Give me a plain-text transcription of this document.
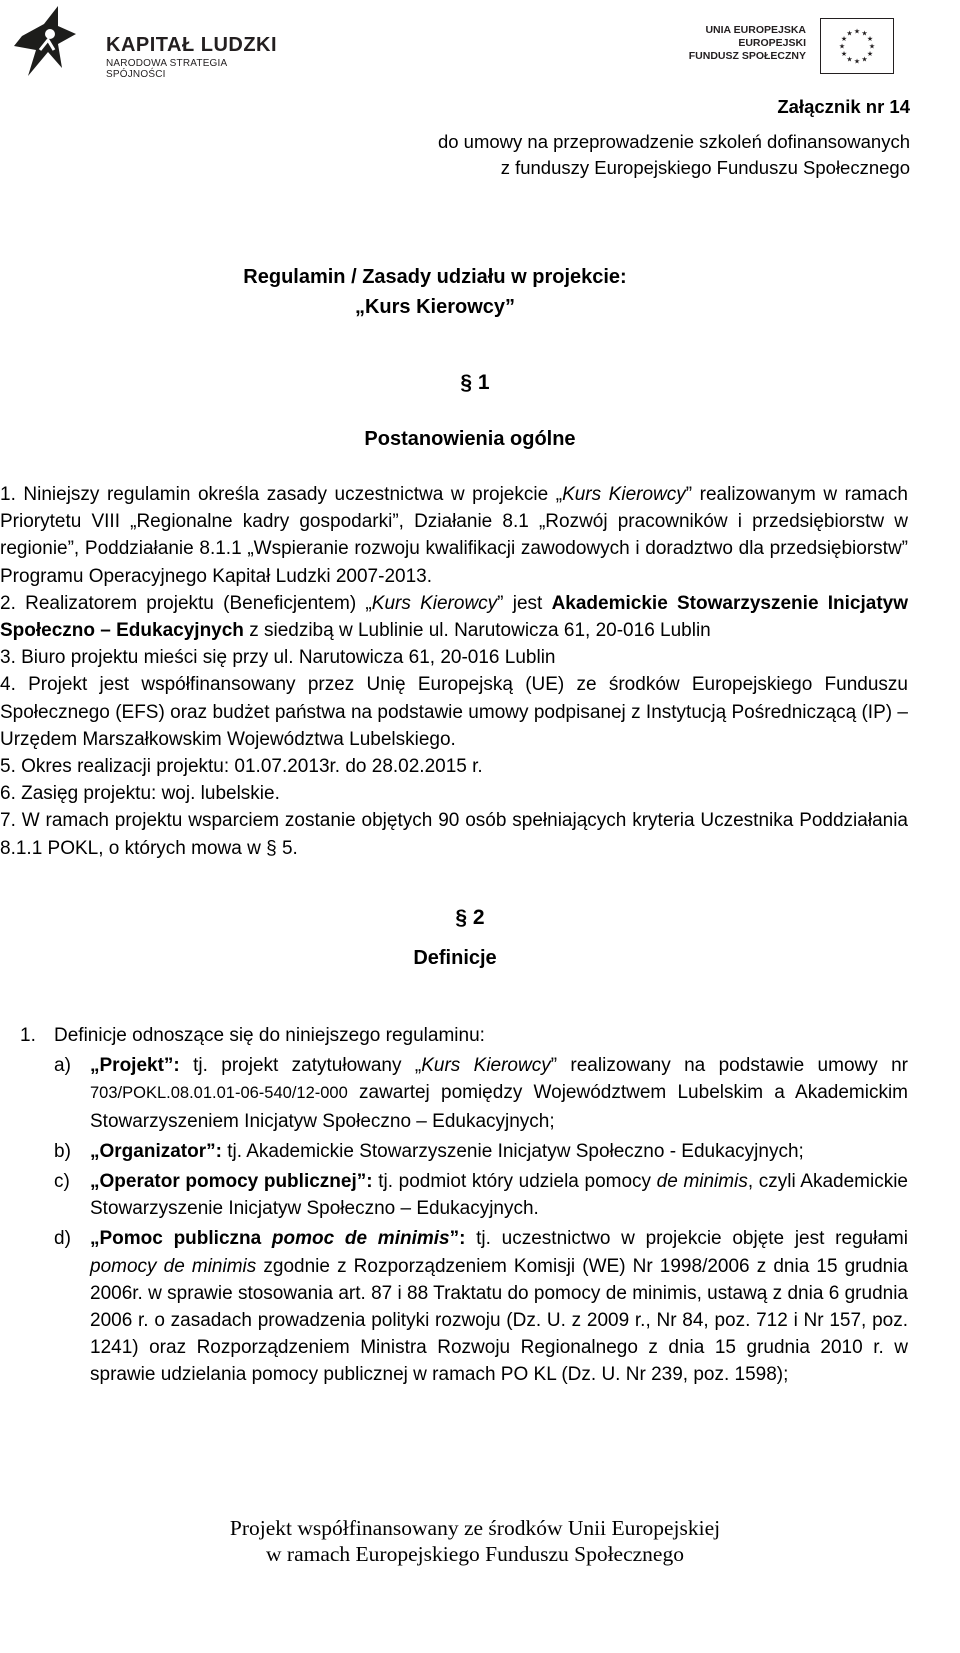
KAPITAŁ LUDZKI
NARODOWA STRATEGIA SPÓJNOŚCI
UNIA EUROPEJSKA
EUROPEJSKI
FUNDUSZ SPOŁECZNY
★
★
★
★
★
★
★
★
★ ★ ★
★
Załącznik nr 14
do umowy na przeprowadzenie szkoleń dofinansowanych
z funduszy Europejskiego Funduszu Społecznego
Regulamin / Zasady udziału w projekcie:
„Kurs Kierowcy”
§ 1
Postanowienia ogólne

1. Niniejszy regulamin określa zasady uczestnictwa w projekcie „Kurs Kierowcy” realizowanym w ramach Priorytetu VIII „Regionalne kadry gospodarki”, Działanie 8.1 „Rozwój pracowników i przedsiębiorstw w regionie”, Poddziałanie 8.1.1 „Wspieranie rozwoju kwalifikacji zawodowych i doradztwo dla przedsiębiorstw” Programu Operacyjnego Kapitał Ludzki 2007-2013.

2. Realizatorem projektu (Beneficjentem) „Kurs Kierowcy” jest Akademickie Stowarzyszenie Inicjatyw Społeczno – Edukacyjnych z siedzibą w Lublinie ul. Narutowicza 61, 20-016 Lublin

3. Biuro projektu mieści się przy ul. Narutowicza 61, 20-016 Lublin

4. Projekt jest współfinansowany przez Unię Europejską (UE) ze środków Europejskiego Funduszu Społecznego (EFS) oraz budżet państwa na podstawie umowy podpisanej z Instytucją Pośredniczącą (IP) – Urzędem Marszałkowskim Województwa Lubelskiego.

5. Okres realizacji projektu: 01.07.2013r. do 28.02.2015 r.

6. Zasięg projektu: woj. lubelskie.

7. W ramach projektu wsparciem zostanie objętych 90 osób spełniających kryteria Uczestnika Poddziałania 8.1.1 POKL, o których mowa w § 5.

§ 2
Definicje

1. Definicje odnoszące się do niniejszego regulaminu:

a) „Projekt”: tj. projekt zatytułowany „Kurs Kierowcy” realizowany na podstawie umowy nr 703/POKL.08.01.01-06-540/12-000 zawartej pomiędzy Województwem Lubelskim a Akademickim Stowarzyszeniem Inicjatyw Społeczno – Edukacyjnych;
b) „Organizator”: tj. Akademickie Stowarzyszenie Inicjatyw Społeczno - Edukacyjnych;
c) „Operator pomocy publicznej”: tj. podmiot który udziela pomocy de minimis, czyli Akademickie Stowarzyszenie Inicjatyw Społeczno – Edukacyjnych.
d) „Pomoc publiczna pomoc de minimis”: tj. uczestnictwo w projekcie objęte jest regułami pomocy de minimis zgodnie z Rozporządzeniem Komisji (WE) Nr 1998/2006 z dnia 15 grudnia 2006r. w sprawie stosowania art. 87 i 88 Traktatu do pomocy de minimis, ustawą z dnia 6 grudnia 2006 r. o zasadach prowadzenia polityki rozwoju (Dz. U. z 2009 r., Nr 84, poz. 712 i Nr 157, poz. 1241) oraz Rozporządzeniem Ministra Rozwoju Regionalnego z dnia 15 grudnia 2010 r. w sprawie udzielania pomocy publicznej w ramach PO KL (Dz. U. Nr 239, poz. 1598);
Projekt współfinansowany ze środków Unii Europejskiej
w ramach Europejskiego Funduszu Społecznego
